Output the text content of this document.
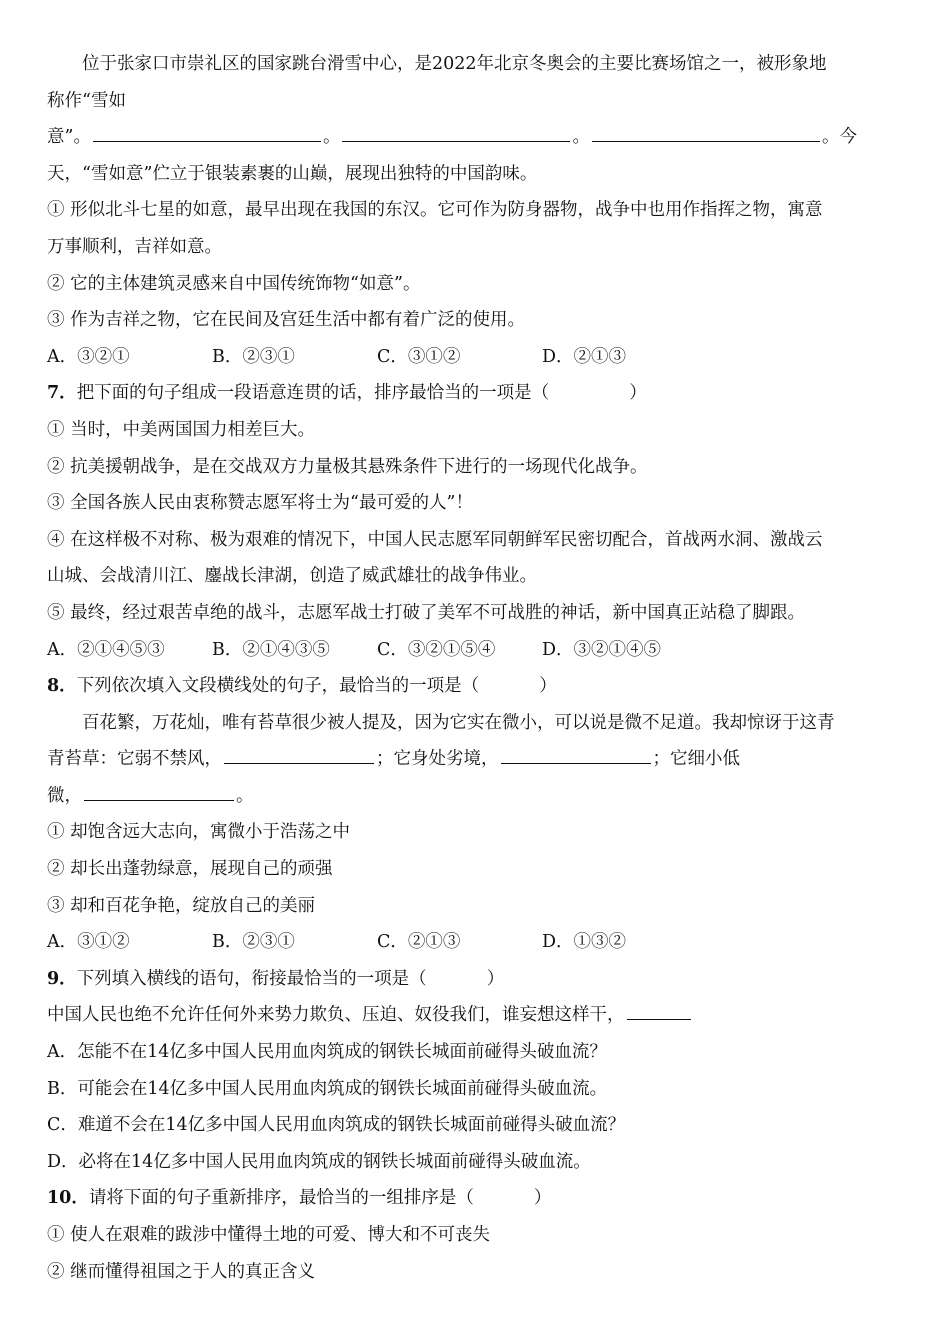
位于张家口市崇礼区的国家跳台滑雪中心，是2022年北京冬奥会的主要比赛场馆之一，被形象地
称作“雪如
意”。	。	。	。今
天，“雪如意”伫立于银装素裹的山巅，展现出独特的中国韵味。
① 形似北斗七星的如意，最早出现在我国的东汉。它可作为防身器物，战争中也用作指挥之物，寓意
万事顺利，吉祥如意。
② 它的主体建筑灵感来自中国传统饰物“如意”。
③ 作为吉祥之物，它在民间及宫廷生活中都有着广泛的使用。
A．③②①	B．②③①	C．③①②	D．②①③
7．把下面的句子组成一段语意连贯的话，排序最恰当的一项是（	）
① 当时，中美两国国力相差巨大。
② 抗美援朝战争，是在交战双方力量极其悬殊条件下进行的一场现代化战争。
③ 全国各族人民由衷称赞志愿军将士为“最可爱的人”！
④ 在这样极不对称、极为艰难的情况下，中国人民志愿军同朝鲜军民密切配合，首战两水洞、激战云
山城、会战清川江、鏖战长津湖，创造了威武雄壮的战争伟业。
⑤ 最终，经过艰苦卓绝的战斗，志愿军战士打破了美军不可战胜的神话，新中国真正站稳了脚跟。
A．②①④⑤③	B．②①④③⑤	C．③②①⑤④	D．③②①④⑤
8．下列依次填入文段横线处的句子，最恰当的一项是（	）
百花繁，万花灿，唯有苔草很少被人提及，因为它实在微小，可以说是微不足道。我却惊讶于这青
青苔草：它弱不禁风，	；它身处劣境，	；它细小低
微，	。
① 却饱含远大志向，寓微小于浩荡之中
② 却长出蓬勃绿意，展现自己的顽强
③ 却和百花争艳，绽放自己的美丽
A．③①②	B．②③①	C．②①③	D．①③②
9．下列填入横线的语句，衔接最恰当的一项是（	）
中国人民也绝不允许任何外来势力欺负、压迫、奴役我们，谁妄想这样干，
A．怎能不在14亿多中国人民用血肉筑成的钢铁长城面前碰得头破血流？
B．可能会在14亿多中国人民用血肉筑成的钢铁长城面前碰得头破血流。
C．难道不会在14亿多中国人民用血肉筑成的钢铁长城面前碰得头破血流？
D．必将在14亿多中国人民用血肉筑成的钢铁长城面前碰得头破血流。
10．请将下面的句子重新排序，最恰当的一组排序是（	）
① 使人在艰难的跋涉中懂得土地的可爱、博大和不可丧失
② 继而懂得祖国之于人的真正含义
